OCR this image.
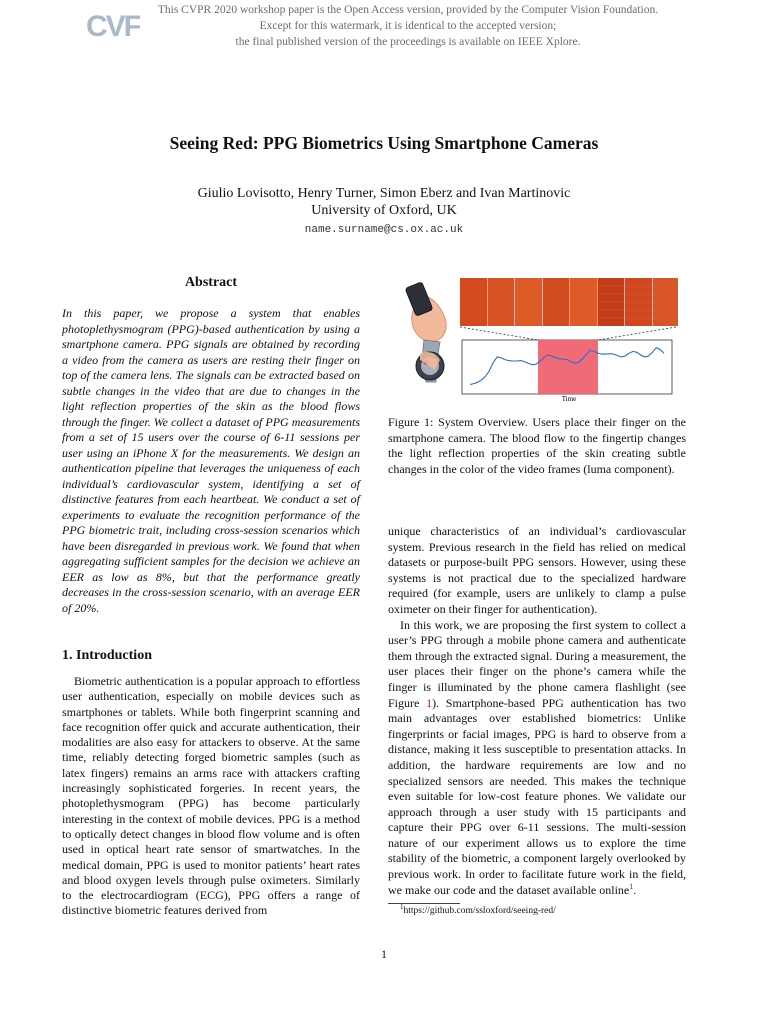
CVF	This CVPR 2020 workshop paper is the Open Access version, provided by the Computer Vision Foundation.
Except for this watermark, it is identical to the accepted version;
the final published version of the proceedings is available on IEEE Xplore.
Seeing Red: PPG Biometrics Using Smartphone Cameras
Giulio Lovisotto, Henry Turner, Simon Eberz and Ivan Martinovic
University of Oxford, UK
name.surname@cs.ox.ac.uk
Abstract
In this paper, we propose a system that enables photoplethysmogram (PPG)-based authentication by using a smartphone camera. PPG signals are obtained by recording a video from the camera as users are resting their finger on top of the camera lens. The signals can be extracted based on subtle changes in the video that are due to changes in the light reflection properties of the skin as the blood flows through the finger. We collect a dataset of PPG measurements from a set of 15 users over the course of 6-11 sessions per user using an iPhone X for the measurements. We design an authentication pipeline that leverages the uniqueness of each individual’s cardiovascular system, identifying a set of distinctive features from each heartbeat. We conduct a set of experiments to evaluate the recognition performance of the PPG biometric trait, including cross-session scenarios which have been disregarded in previous work. We found that when aggregating sufficient samples for the decision we achieve an EER as low as 8%, but that the performance greatly decreases in the cross-session scenario, with an average EER of 20%.
1. Introduction

Biometric authentication is a popular approach to effortless user authentication, especially on mobile devices such as smartphones or tablets. While both fingerprint scanning and face recognition offer quick and accurate authentication, their modalities are also easy for attackers to observe. At the same time, reliably detecting forged biometric samples (such as latex fingers) remains an arms race with attackers crafting increasingly sophisticated forgeries. In recent years, the photoplethysmogram (PPG) has become particularly interesting in the context of mobile devices. PPG is a method to optically detect changes in blood flow volume and is often used in optical heart rate sensor of smartwatches. In the medical domain, PPG is used to monitor patients’ heart rates and blood oxygen levels through pulse oximeters. Similarly to the electrocardiogram (ECG), PPG offers a range of distinctive biometric features derived from

Time
Figure 1: System Overview. Users place their finger on the smartphone camera. The blood flow to the fingertip changes the light reflection properties of the skin creating subtle changes in the color of the video frames (luma component).

unique characteristics of an individual’s cardiovascular system. Previous research in the field has relied on medical datasets or purpose-built PPG sensors. However, using these systems is not practical due to the specialized hardware required (for example, users are unlikely to clamp a pulse oximeter on their finger for authentication).

In this work, we are proposing the first system to collect a user’s PPG through a mobile phone camera and authenticate them through the extracted signal. During a measurement, the user places their finger on the phone’s camera while the finger is illuminated by the phone camera flashlight (see Figure 1). Smartphone-based PPG authentication has two main advantages over established biometrics: Unlike fingerprints or facial images, PPG is hard to observe from a distance, making it less susceptible to presentation attacks. In addition, the hardware requirements are low and no specialized sensors are needed. This makes the technique even suitable for low-cost feature phones. We validate our approach through a user study with 15 participants and capture their PPG over 6-11 sessions. The multi-session nature of our experiment allows us to explore the time stability of the biometric, a component largely overlooked by previous work. In order to facilitate future work in the field, we make our code and the dataset available online$^1$.

$^1$https://github.com/ssloxford/seeing-red/
1
